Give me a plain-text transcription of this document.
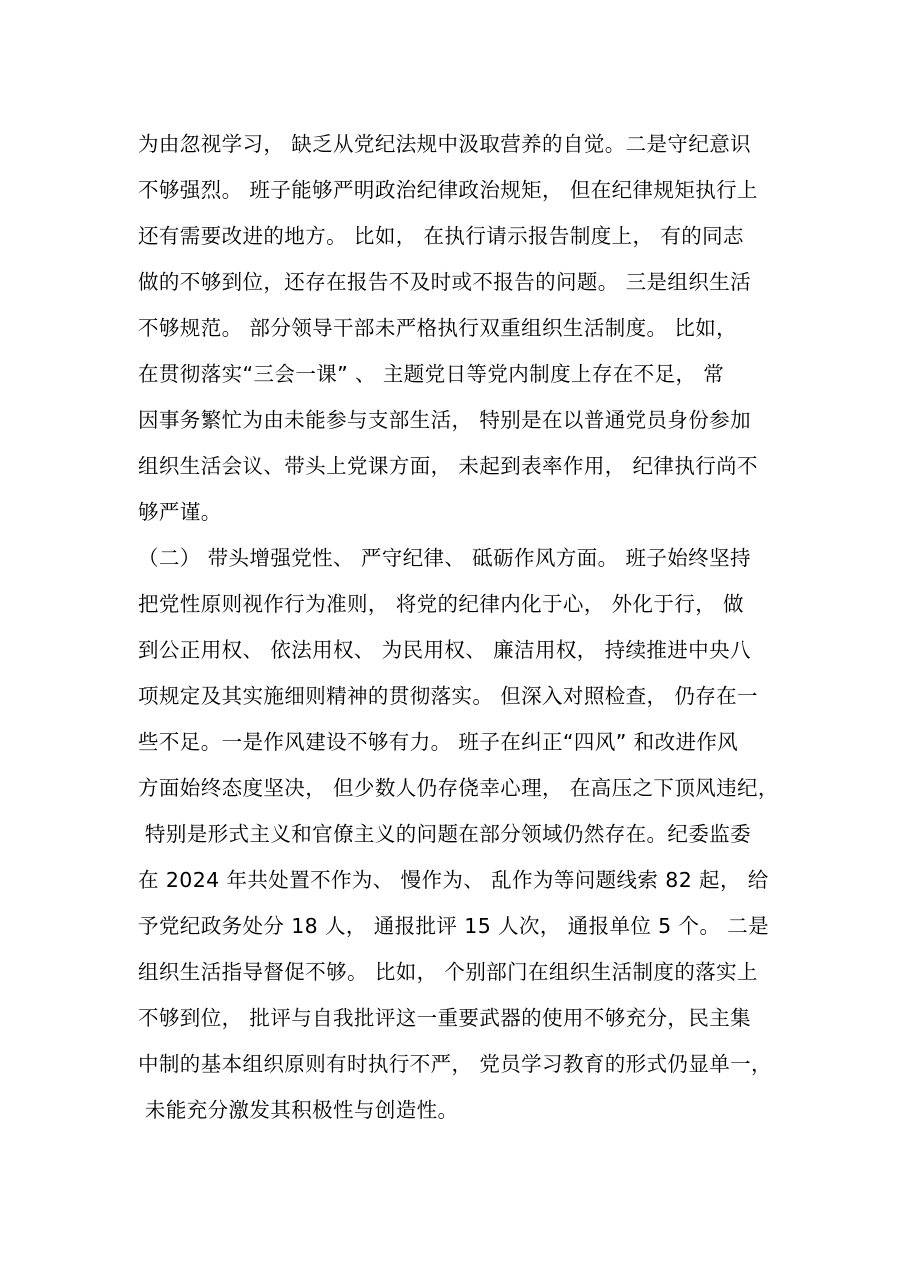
为由忽视学习， 缺乏从党纪法规中汲取营养的自觉。二是守纪意识
不够强烈。 班子能够严明政治纪律政治规矩， 但在纪律规矩执行上
还有需要改进的地方。 比如， 在执行请示报告制度上， 有的同志
做的不够到位，还存在报告不及时或不报告的问题。 三是组织生活
不够规范。 部分领导干部未严格执行双重组织生活制度。 比如，
在贯彻落实“三会一课” 、 主题党日等党内制度上存在不足， 常
因事务繁忙为由未能参与支部生活， 特别是在以普通党员身份参加
组织生活会议、带头上党课方面， 未起到表率作用， 纪律执行尚不
够严谨。
（二） 带头增强党性、 严守纪律、 砥砺作风方面。 班子始终坚持
把党性原则视作行为准则， 将党的纪律内化于心， 外化于行， 做
到公正用权、 依法用权、 为民用权、 廉洁用权， 持续推进中央八
项规定及其实施细则精神的贯彻落实。 但深入对照检查， 仍存在一
些不足。一是作风建设不够有力。 班子在纠正“四风” 和改进作风
方面始终态度坚决， 但少数人仍存侥幸心理， 在高压之下顶风违纪，
特别是形式主义和官僚主义的问题在部分领域仍然存在。纪委监委
在 2024 年共处置不作为、 慢作为、 乱作为等问题线索 82 起， 给
予党纪政务处分 18 人， 通报批评 15 人次， 通报单位 5 个。 二是
组织生活指导督促不够。 比如， 个别部门在组织生活制度的落实上
不够到位， 批评与自我批评这一重要武器的使用不够充分，民主集
中制的基本组织原则有时执行不严， 党员学习教育的形式仍显单一，
未能充分激发其积极性与创造性。
